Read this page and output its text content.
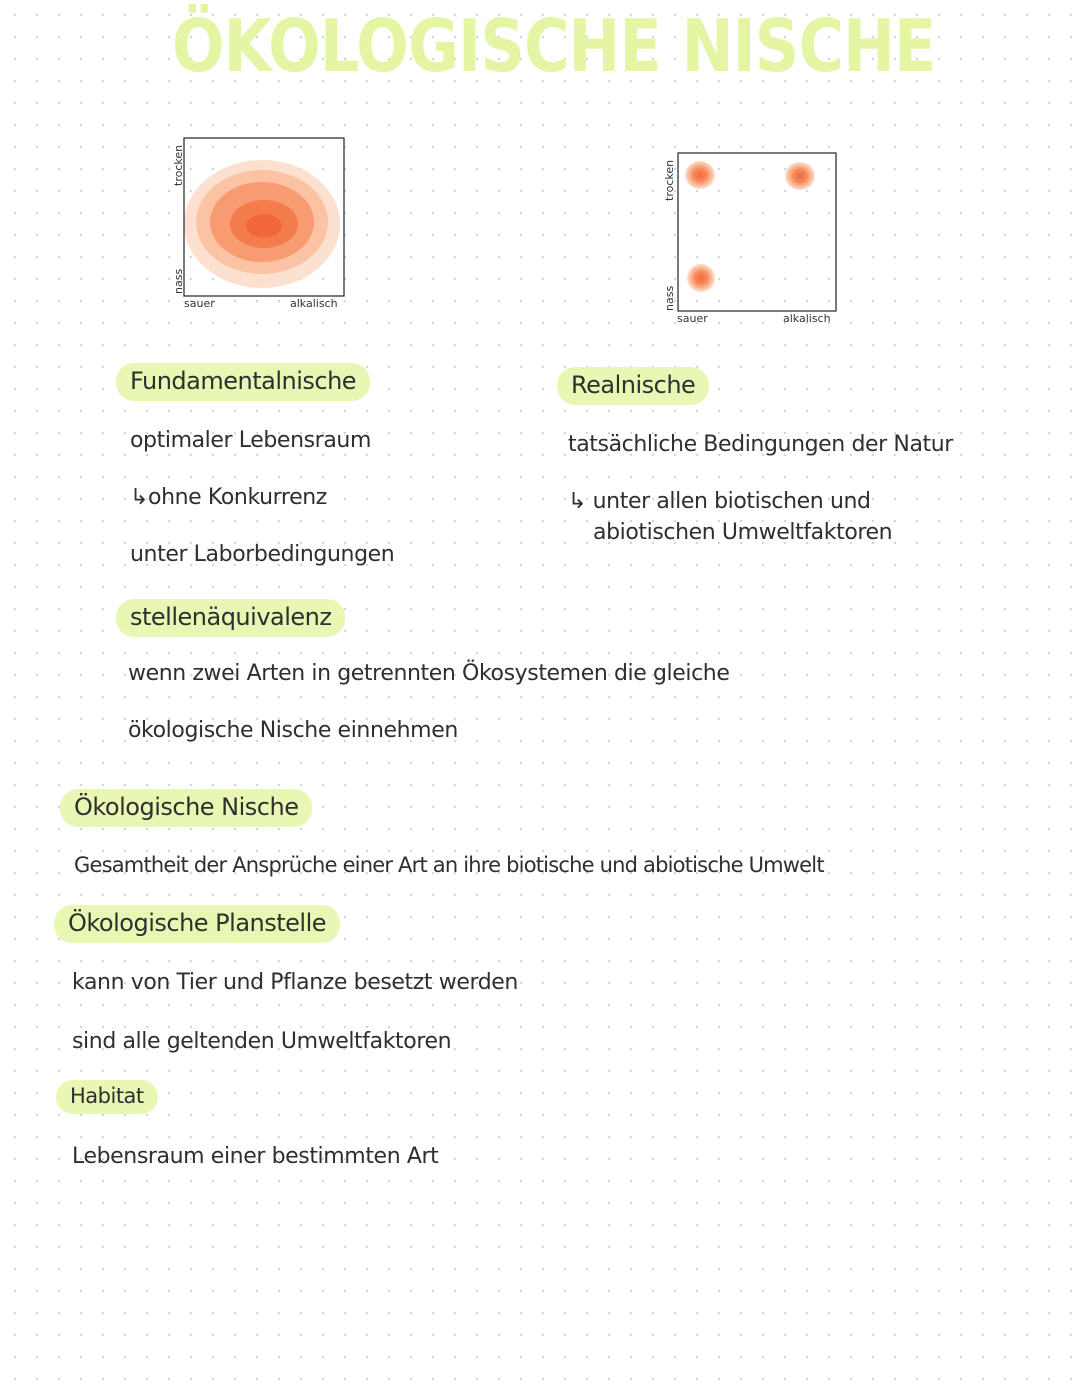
ÖKOLOGISCHE NISCHE
trocken
nass
sauer	alkalisch
trocken
nass
sauer	alkalisch
Fundamentalnische
optimaler Lebensraum
↳ohne Konkurrenz
unter Laborbedingungen
Realnische
tatsächliche Bedingungen der Natur
↳ unter allen biotischen und
abiotischen Umweltfaktoren
stellenäquivalenz
wenn zwei Arten in getrennten Ökosystemen die gleiche
ökologische Nische einnehmen
Ökologische Nische
Gesamtheit der Ansprüche einer Art an ihre biotische und abiotische Umwelt
Ökologische Planstelle
kann von Tier und Pflanze besetzt werden
sind alle geltenden Umweltfaktoren
Habitat
Lebensraum einer bestimmten Art
